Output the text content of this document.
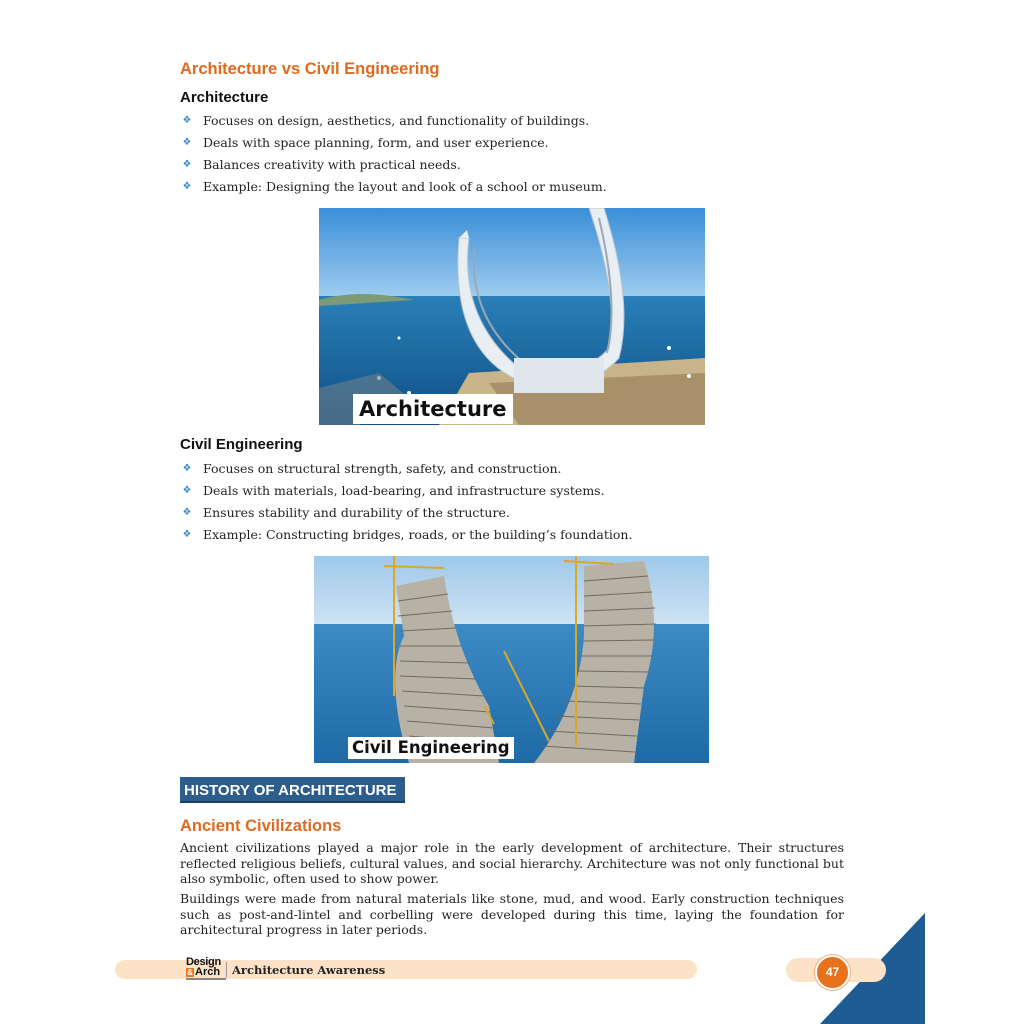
Architecture vs Civil Engineering
Architecture
❖ Focuses on design, aesthetics, and functionality of buildings.
❖ Deals with space planning, form, and user experience.
❖ Balances creativity with practical needs.
❖ Example: Designing the layout and look of a school or museum.
Architecture
Civil Engineering
❖ Focuses on structural strength, safety, and construction.
❖ Deals with materials, load-bearing, and infrastructure systems.
❖ Ensures stability and durability of the structure.
❖ Example: Constructing bridges, roads, or the building’s foundation.
Civil Engineering
HISTORY OF ARCHITECTURE
Ancient Civilizations

Ancient civilizations played a major role in the early development of architecture. Their structures reflected religious beliefs, cultural values, and social hierarchy. Architecture was not only functional but also symbolic, often used to show power.

Buildings were made from natural materials like stone, mud, and wood. Early construction techniques such as post-and-lintel and corbelling were developed during this time, laying the foundation for architectural progress in later periods.

Design
& Arch Architecture Awareness	47
